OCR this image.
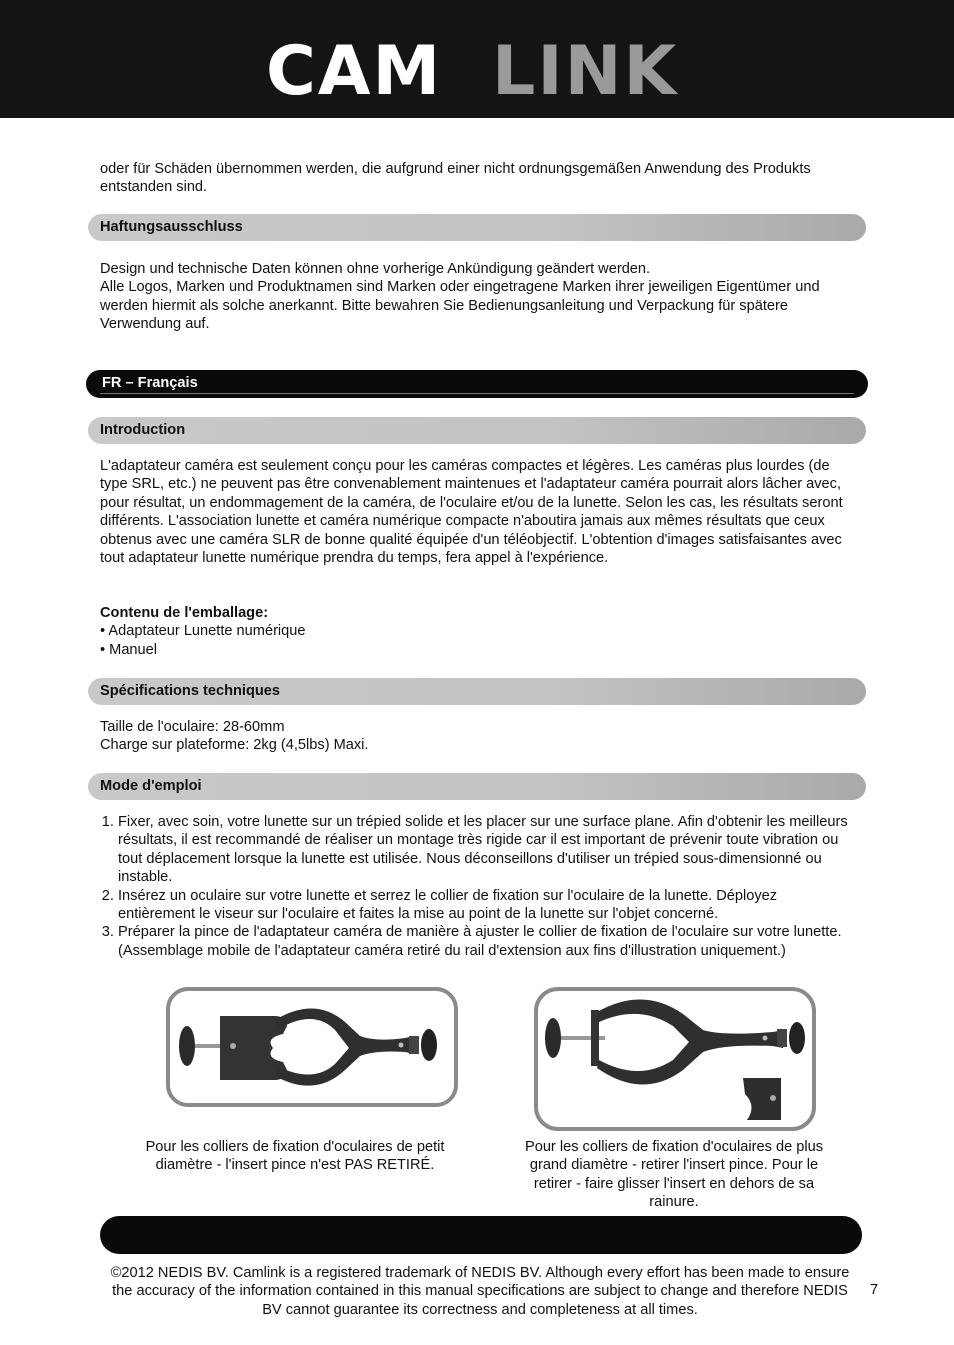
CAM LINK
oder für Schäden übernommen werden, die aufgrund einer nicht ordnungsgemäßen Anwendung des Produkts entstanden sind.
Haftungsausschluss
Design und technische Daten können ohne vorherige Ankündigung geändert werden.
Alle Logos, Marken und Produktnamen sind Marken oder eingetragene Marken ihrer jeweiligen Eigentümer und werden hiermit als solche anerkannt. Bitte bewahren Sie Bedienungsanleitung und Verpackung für spätere Verwendung auf.
FR – Français
Introduction
L'adaptateur caméra est seulement conçu pour les caméras compactes et légères. Les caméras plus lourdes (de type SRL, etc.) ne peuvent pas être convenablement maintenues et l'adaptateur caméra pourrait alors lâcher avec, pour résultat, un endommagement de la caméra, de l'oculaire et/ou de la lunette. Selon les cas, les résultats seront différents. L'association lunette et caméra numérique compacte n'aboutira jamais aux mêmes résultats que ceux obtenus avec une caméra SLR de bonne qualité équipée d'un téléobjectif. L'obtention d'images satisfaisantes avec tout adaptateur lunette numérique prendra du temps, fera appel à l'expérience.
Contenu de l'emballage:
• Adaptateur Lunette numérique
• Manuel
Spécifications techniques
Taille de l'oculaire: 28-60mm
Charge sur plateforme: 2kg (4,5lbs) Maxi.
Mode d'emploi
1. Fixer, avec soin, votre lunette sur un trépied solide et les placer sur une surface plane. Afin d'obtenir les meilleurs résultats, il est recommandé de réaliser un montage très rigide car il est important de prévenir toute vibration ou tout déplacement lorsque la lunette est utilisée. Nous déconseillons d'utiliser un trépied sous-dimensionné ou instable.
2. Insérez un oculaire sur votre lunette et serrez le collier de fixation sur l'oculaire de la lunette. Déployez entièrement le viseur sur l'oculaire et faites la mise au point de la lunette sur l'objet concerné.
3. Préparer la pince de l'adaptateur caméra de manière à ajuster le collier de fixation de l'oculaire sur votre lunette. (Assemblage mobile de l'adaptateur caméra retiré du rail d'extension aux fins d'illustration uniquement.)
Pour les colliers de fixation d'oculaires de petit diamètre - l'insert pince n'est PAS RETIRÉ.
Pour les colliers de fixation d'oculaires de plus grand diamètre - retirer l'insert pince. Pour le retirer - faire glisser l'insert en dehors de sa rainure.
©2012 NEDIS BV. Camlink is a registered trademark of NEDIS BV. Although every effort has been made to ensure the accuracy of the information contained in this manual specifications are subject to change and therefore NEDIS BV cannot guarantee its correctness and completeness at all times.
7
